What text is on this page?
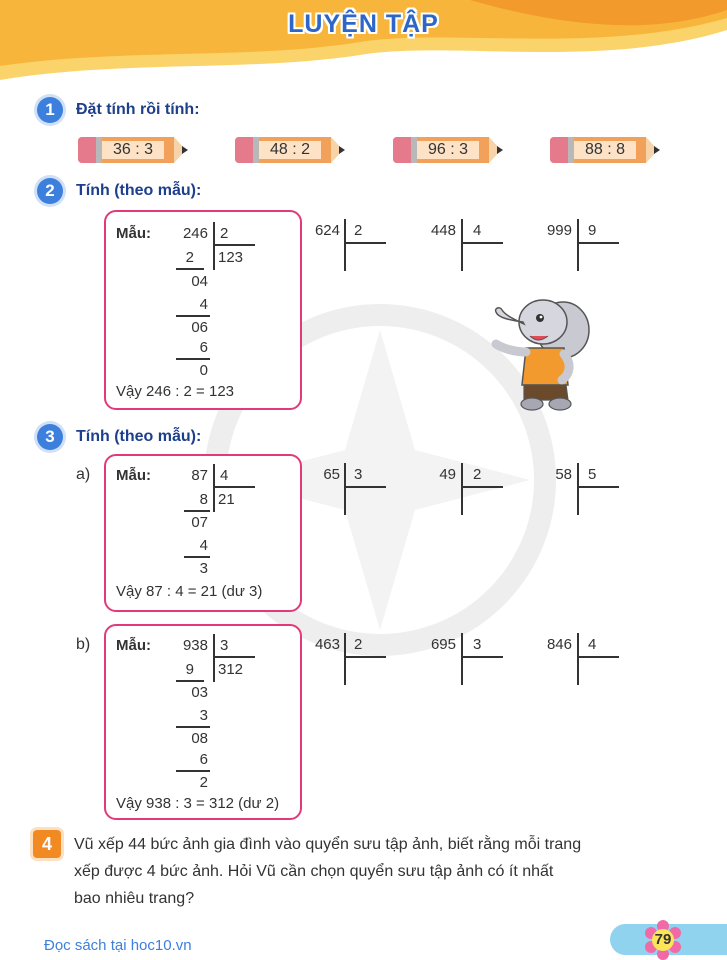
LUYỆN TẬP
1	Đặt tính rồi tính:
36 : 3	48 : 2	96 : 3	88 : 8
2	Tính (theo mẫu):
Mẫu:	246 2
123
2
04
4
06
6
0
Vậy 246 : 2 = 123
624 2	448 4	999 9
3	Tính (theo mẫu):
a) Mẫu:	87 4
21
8
07
4
3
Vậy 87 : 4 = 21 (dư 3)
65 3	49 2	58 5
b) Mẫu:	938 3
312
9
03
3
08
6
2
Vậy 938 : 3 = 312 (dư 2)
463 2	695 3	846 4
4	Vũ xếp 44 bức ảnh gia đình vào quyển sưu tập ảnh, biết rằng mỗi trang
xếp được 4 bức ảnh. Hỏi Vũ cần chọn quyển sưu tập ảnh có ít nhất
bao nhiêu trang?
Đọc sách tại hoc10.vn	79
